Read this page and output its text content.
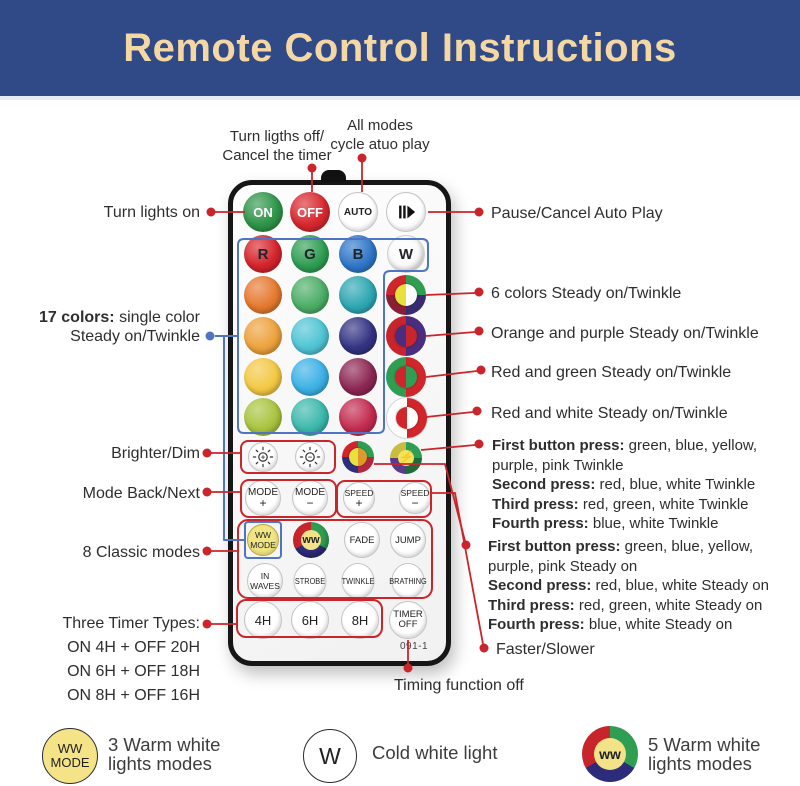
Remote Control Instructions
ON	OFF	AUTO
R	G	B	W
+	−	⚡
MODE
+
MODE
−
SPEED
+
SPEED
−
WW
MODE ww	FADE	JUMP
IN
WAVES STROBE TWINKLE BRATHING
4H	6H	8H	TIMER
OFF
091-1
Turn ligths off/
Cancel the timer
All modes
cycle atuo play
Turn lights on
17 colors: single color
Steady on/Twinkle
Brighter/Dim
Mode Back/Next
8 Classic modes
Three Timer Types:
ON 4H + OFF 20H
ON 6H + OFF 18H
ON 8H + OFF 16H
Pause/Cancel Auto Play
6 colors Steady on/Twinkle
Orange and purple Steady on/Twinkle
Red and green Steady on/Twinkle
Red and white Steady on/Twinkle
First button press: green, blue, yellow,
purple, pink Twinkle
Second press: red, blue, white Twinkle
Third press: red, green, white Twinkle
Fourth press: blue, white Twinkle
First button press: green, blue, yellow,
purple, pink Steady on
Second press: red, blue, white Steady on
Third press: red, green, white Steady on
Fourth press: blue, white Steady on
Faster/Slower
Timing function off
WW
MODE
3 Warm white
lights modes	W Cold white light	ww 5 Warm white
lights modes
